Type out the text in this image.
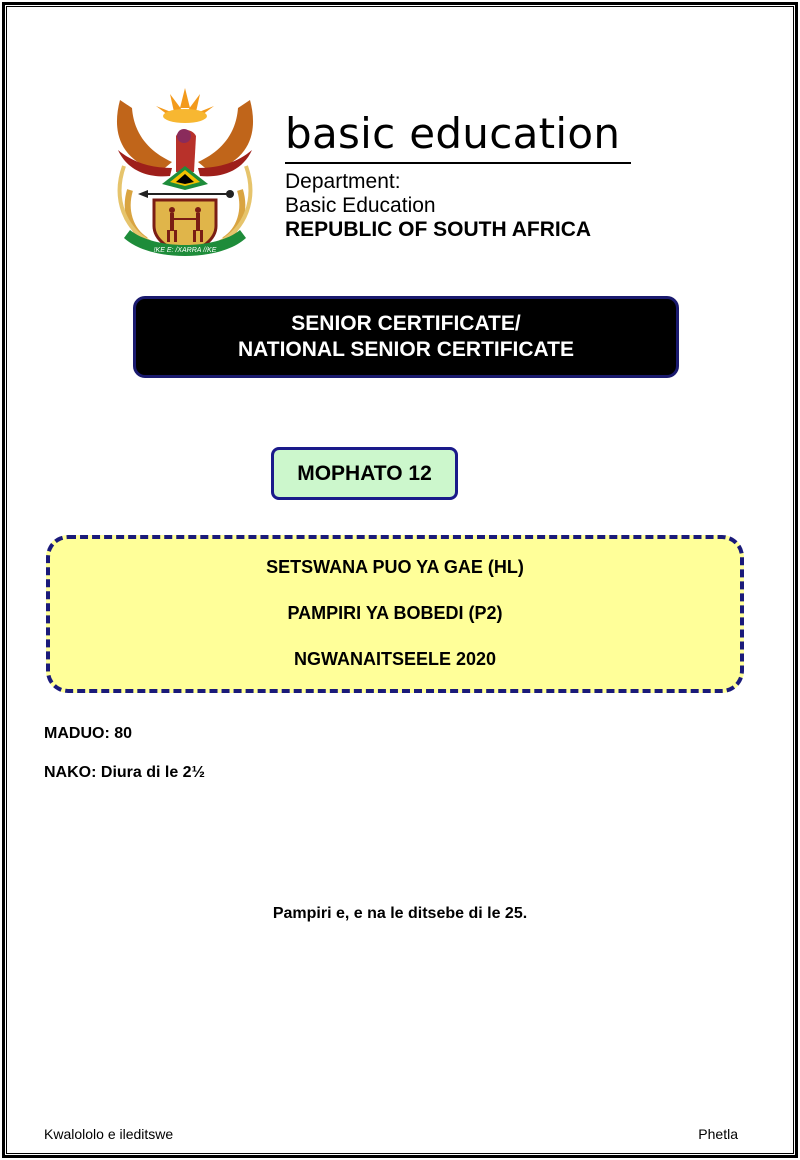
!KE E: /XARRA //KE
basic education
Department:
Basic Education
REPUBLIC OF SOUTH AFRICA
SENIOR CERTIFICATE/
NATIONAL SENIOR CERTIFICATE
MOPHATO 12
SETSWANA PUO YA GAE (HL)
PAMPIRI YA BOBEDI (P2)
NGWANAITSEELE 2020
MADUO: 80
NAKO: Diura di le 2½
Pampiri e, e na le ditsebe di le 25.
Kwalololo e ileditswe	Phetla
